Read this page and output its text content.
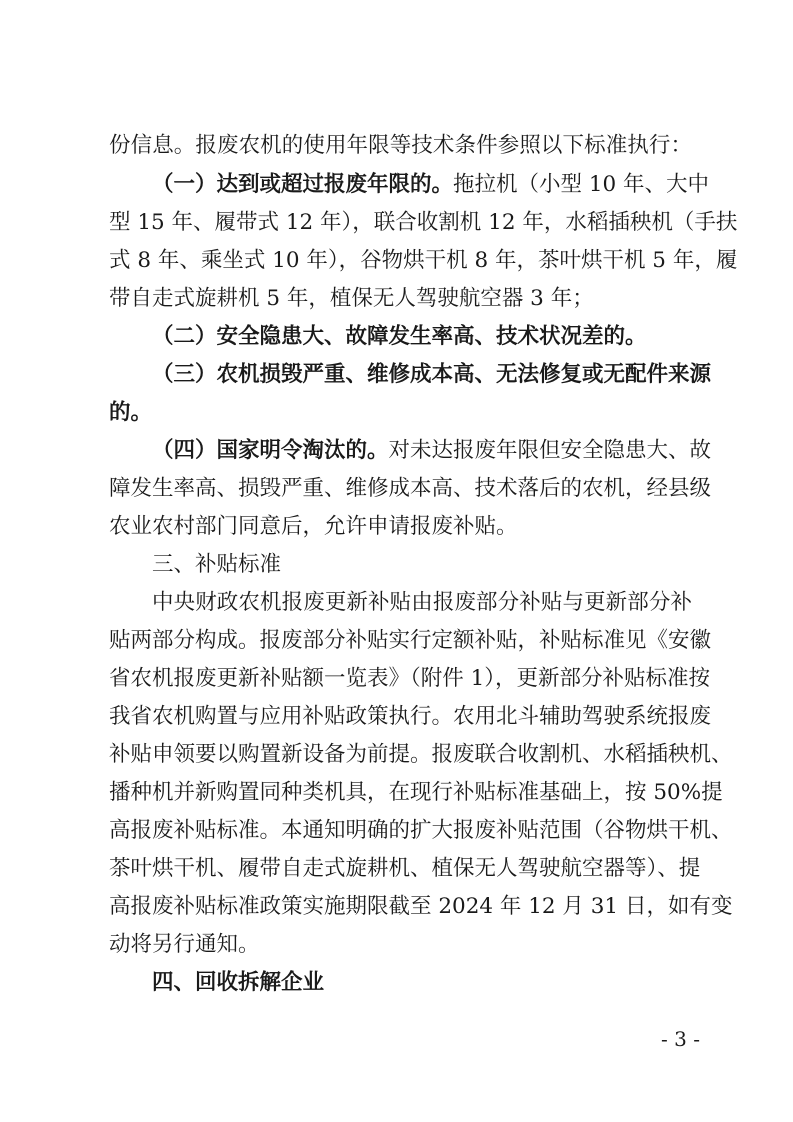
份信息。报废农机的使用年限等技术条件参照以下标准执行：
（一）达到或超过报废年限的。拖拉机（小型 10 年、大中
型 15 年、履带式 12 年），联合收割机 12 年，水稻插秧机（手扶
式 8 年、乘坐式 10 年），谷物烘干机 8 年，茶叶烘干机 5 年，履
带自走式旋耕机 5 年，植保无人驾驶航空器 3 年；
（二）安全隐患大、故障发生率高、技术状况差的。
（三）农机损毁严重、维修成本高、无法修复或无配件来源
的。
（四）国家明令淘汰的。对未达报废年限但安全隐患大、故
障发生率高、损毁严重、维修成本高、技术落后的农机，经县级
农业农村部门同意后，允许申请报废补贴。
三、补贴标准
中央财政农机报废更新补贴由报废部分补贴与更新部分补
贴两部分构成。报废部分补贴实行定额补贴，补贴标准见《安徽
省农机报废更新补贴额一览表》（附件 1），更新部分补贴标准按
我省农机购置与应用补贴政策执行。农用北斗辅助驾驶系统报废
补贴申领要以购置新设备为前提。报废联合收割机、水稻插秧机、
播种机并新购置同种类机具，在现行补贴标准基础上，按 50%提
高报废补贴标准。本通知明确的扩大报废补贴范围（谷物烘干机、
茶叶烘干机、履带自走式旋耕机、植保无人驾驶航空器等）、提
高报废补贴标准政策实施期限截至 2024 年 12 月 31 日，如有变
动将另行通知。
四、回收拆解企业
- 3 -
